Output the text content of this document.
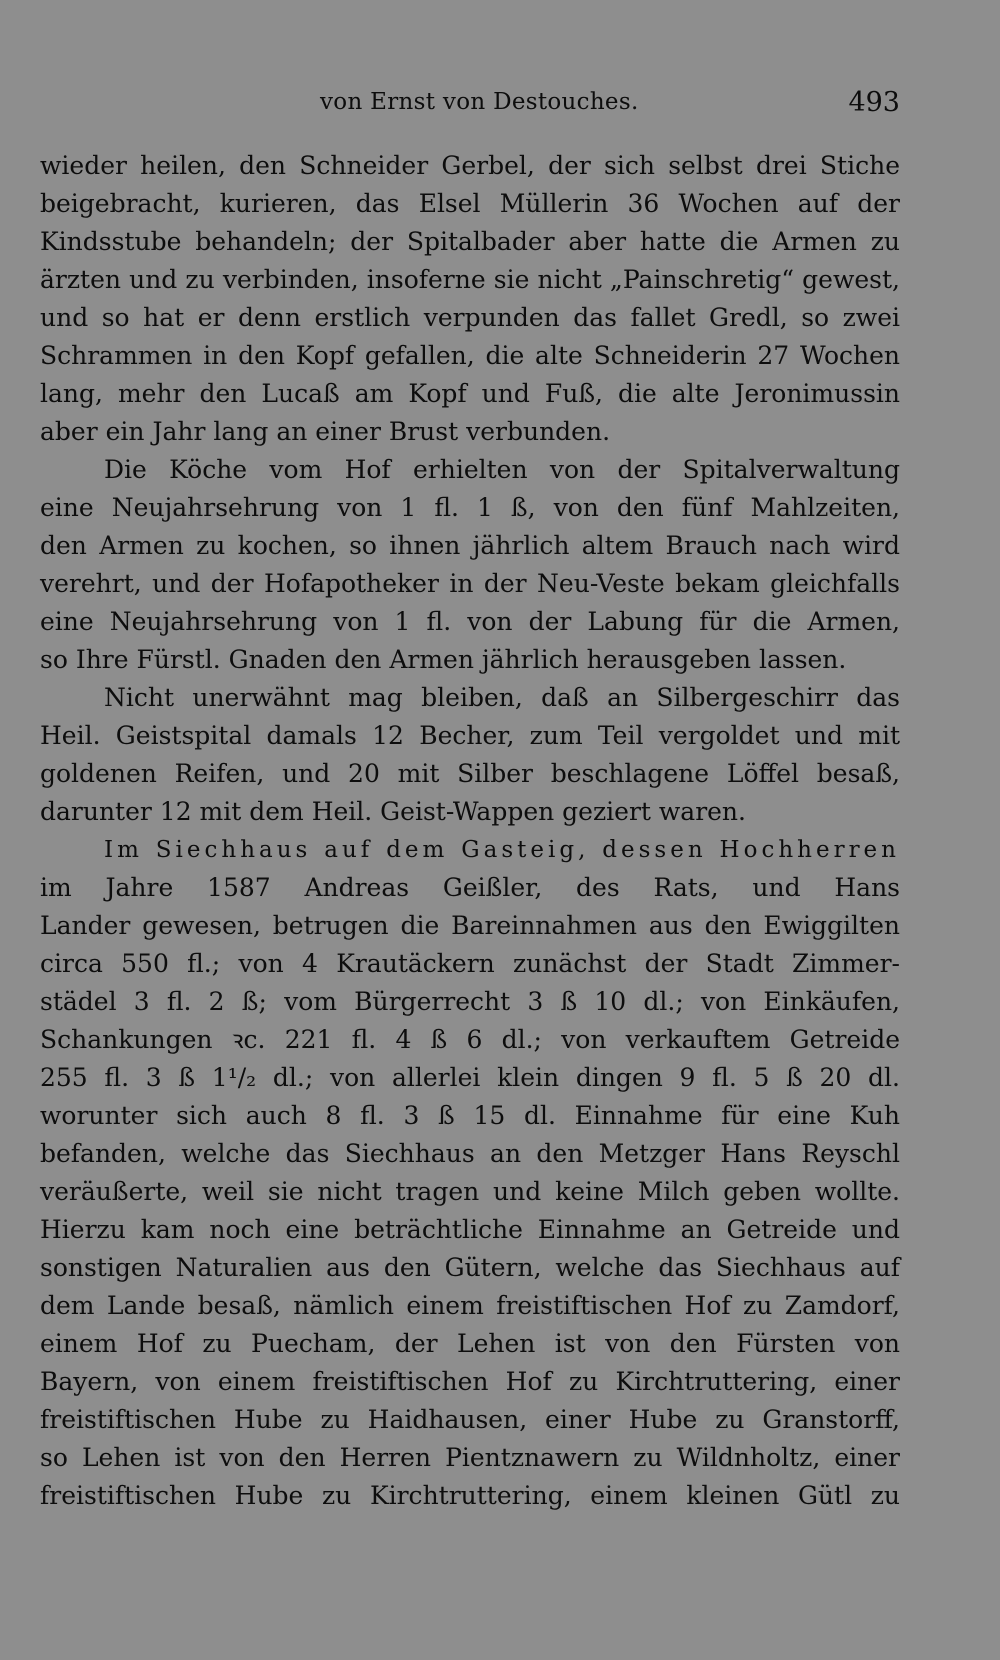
von Ernst von Destouches.	493
wieder heilen, den Schneider Gerbel, der sich selbst drei Stiche
beigebracht, kurieren, das Elsel Müllerin 36 Wochen auf der
Kindsstube behandeln; der Spitalbader aber hatte die Armen zu
ärzten und zu verbinden, insoferne sie nicht „Painschretig“ gewest,
und so hat er denn erstlich verpunden das fallet Gredl, so zwei
Schrammen in den Kopf gefallen, die alte Schneiderin 27 Wochen
lang, mehr den Lucaß am Kopf und Fuß, die alte Jeronimussin
aber ein Jahr lang an einer Brust verbunden.
Die Köche vom Hof erhielten von der Spitalverwaltung
eine Neujahrsehrung von 1 fl. 1 ß, von den fünf Mahlzeiten,
den Armen zu kochen, so ihnen jährlich altem Brauch nach wird
verehrt, und der Hofapotheker in der Neu-Veste bekam gleichfalls
eine Neujahrsehrung von 1 fl. von der Labung für die Armen,
so Ihre Fürstl. Gnaden den Armen jährlich herausgeben lassen.
Nicht unerwähnt mag bleiben, daß an Silbergeschirr das
Heil. Geistspital damals 12 Becher, zum Teil vergoldet und mit
goldenen Reifen, und 20 mit Silber beschlagene Löffel besaß,
darunter 12 mit dem Heil. Geist-Wappen geziert waren.
Im Siechhaus auf dem Gasteig, dessen Hochherren
im Jahre 1587 Andreas Geißler, des Rats, und Hans
Lander gewesen, betrugen die Bareinnahmen aus den Ewiggilten
circa 550 fl.; von 4 Krautäckern zunächst der Stadt Zimmer-
städel 3 fl. 2 ß; vom Bürgerrecht 3 ß 10 dl.; von Einkäufen,
Schankungen ꝛc. 221 fl. 4 ß 6 dl.; von verkauftem Getreide
255 fl. 3 ß 1¹/₂ dl.; von allerlei klein dingen 9 fl. 5 ß 20 dl.
worunter sich auch 8 fl. 3 ß 15 dl. Einnahme für eine Kuh
befanden, welche das Siechhaus an den Metzger Hans Reyschl
veräußerte, weil sie nicht tragen und keine Milch geben wollte.
Hierzu kam noch eine beträchtliche Einnahme an Getreide und
sonstigen Naturalien aus den Gütern, welche das Siechhaus auf
dem Lande besaß, nämlich einem freistiftischen Hof zu Zamdorf,
einem Hof zu Puecham, der Lehen ist von den Fürsten von
Bayern, von einem freistiftischen Hof zu Kirchtruttering, einer
freistiftischen Hube zu Haidhausen, einer Hube zu Granstorff,
so Lehen ist von den Herren Pientznawern zu Wildnholtz, einer
freistiftischen Hube zu Kirchtruttering, einem kleinen Gütl zu
